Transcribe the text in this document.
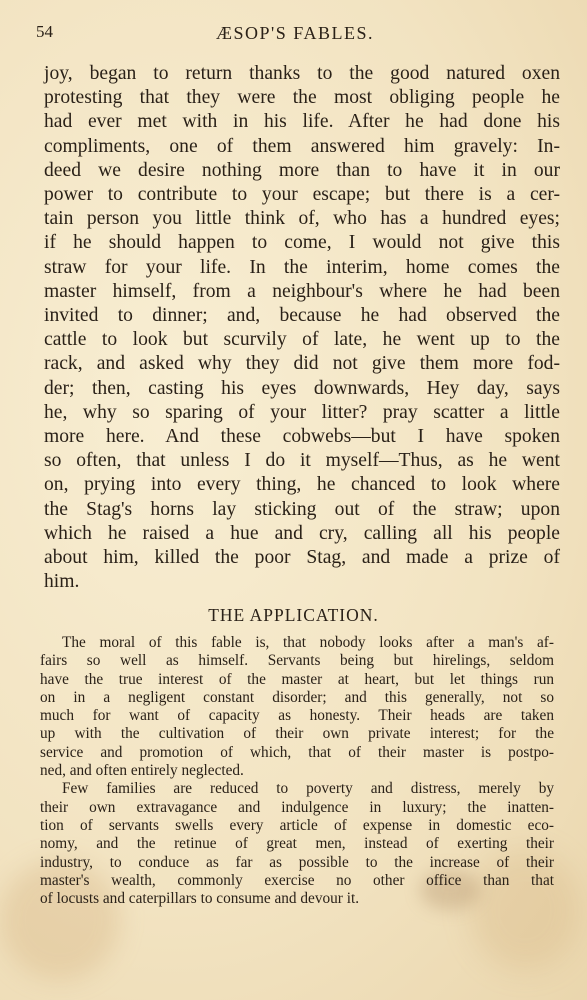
54	ÆSOP'S FABLES.
joy, began to return thanks to the good natured oxen
protesting that they were the most obliging people he
had ever met with in his life. After he had done his
compliments, one of them answered him gravely: In-
deed we desire nothing more than to have it in our
power to contribute to your escape; but there is a cer-
tain person you little think of, who has a hundred eyes;
if he should happen to come, I would not give this
straw for your life. In the interim, home comes the
master himself, from a neighbour's where he had been
invited to dinner; and, because he had observed the
cattle to look but scurvily of late, he went up to the
rack, and asked why they did not give them more fod-
der; then, casting his eyes downwards, Hey day, says
he, why so sparing of your litter? pray scatter a little
more here. And these cobwebs—but I have spoken
so often, that unless I do it myself—Thus, as he went
on, prying into every thing, he chanced to look where
the Stag's horns lay sticking out of the straw; upon
which he raised a hue and cry, calling all his people
about him, killed the poor Stag, and made a prize of
him.
THE APPLICATION.
The moral of this fable is, that nobody looks after a man's af-
fairs so well as himself. Servants being but hirelings, seldom
have the true interest of the master at heart, but let things run
on in a negligent constant disorder; and this generally, not so
much for want of capacity as honesty. Their heads are taken
up with the cultivation of their own private interest; for the
service and promotion of which, that of their master is postpo-
ned, and often entirely neglected.
Few families are reduced to poverty and distress, merely by
their own extravagance and indulgence in luxury; the inatten-
tion of servants swells every article of expense in domestic eco-
nomy, and the retinue of great men, instead of exerting their
industry, to conduce as far as possible to the increase of their
master's wealth, commonly exercise no other office than that
of locusts and caterpillars to consume and devour it.
